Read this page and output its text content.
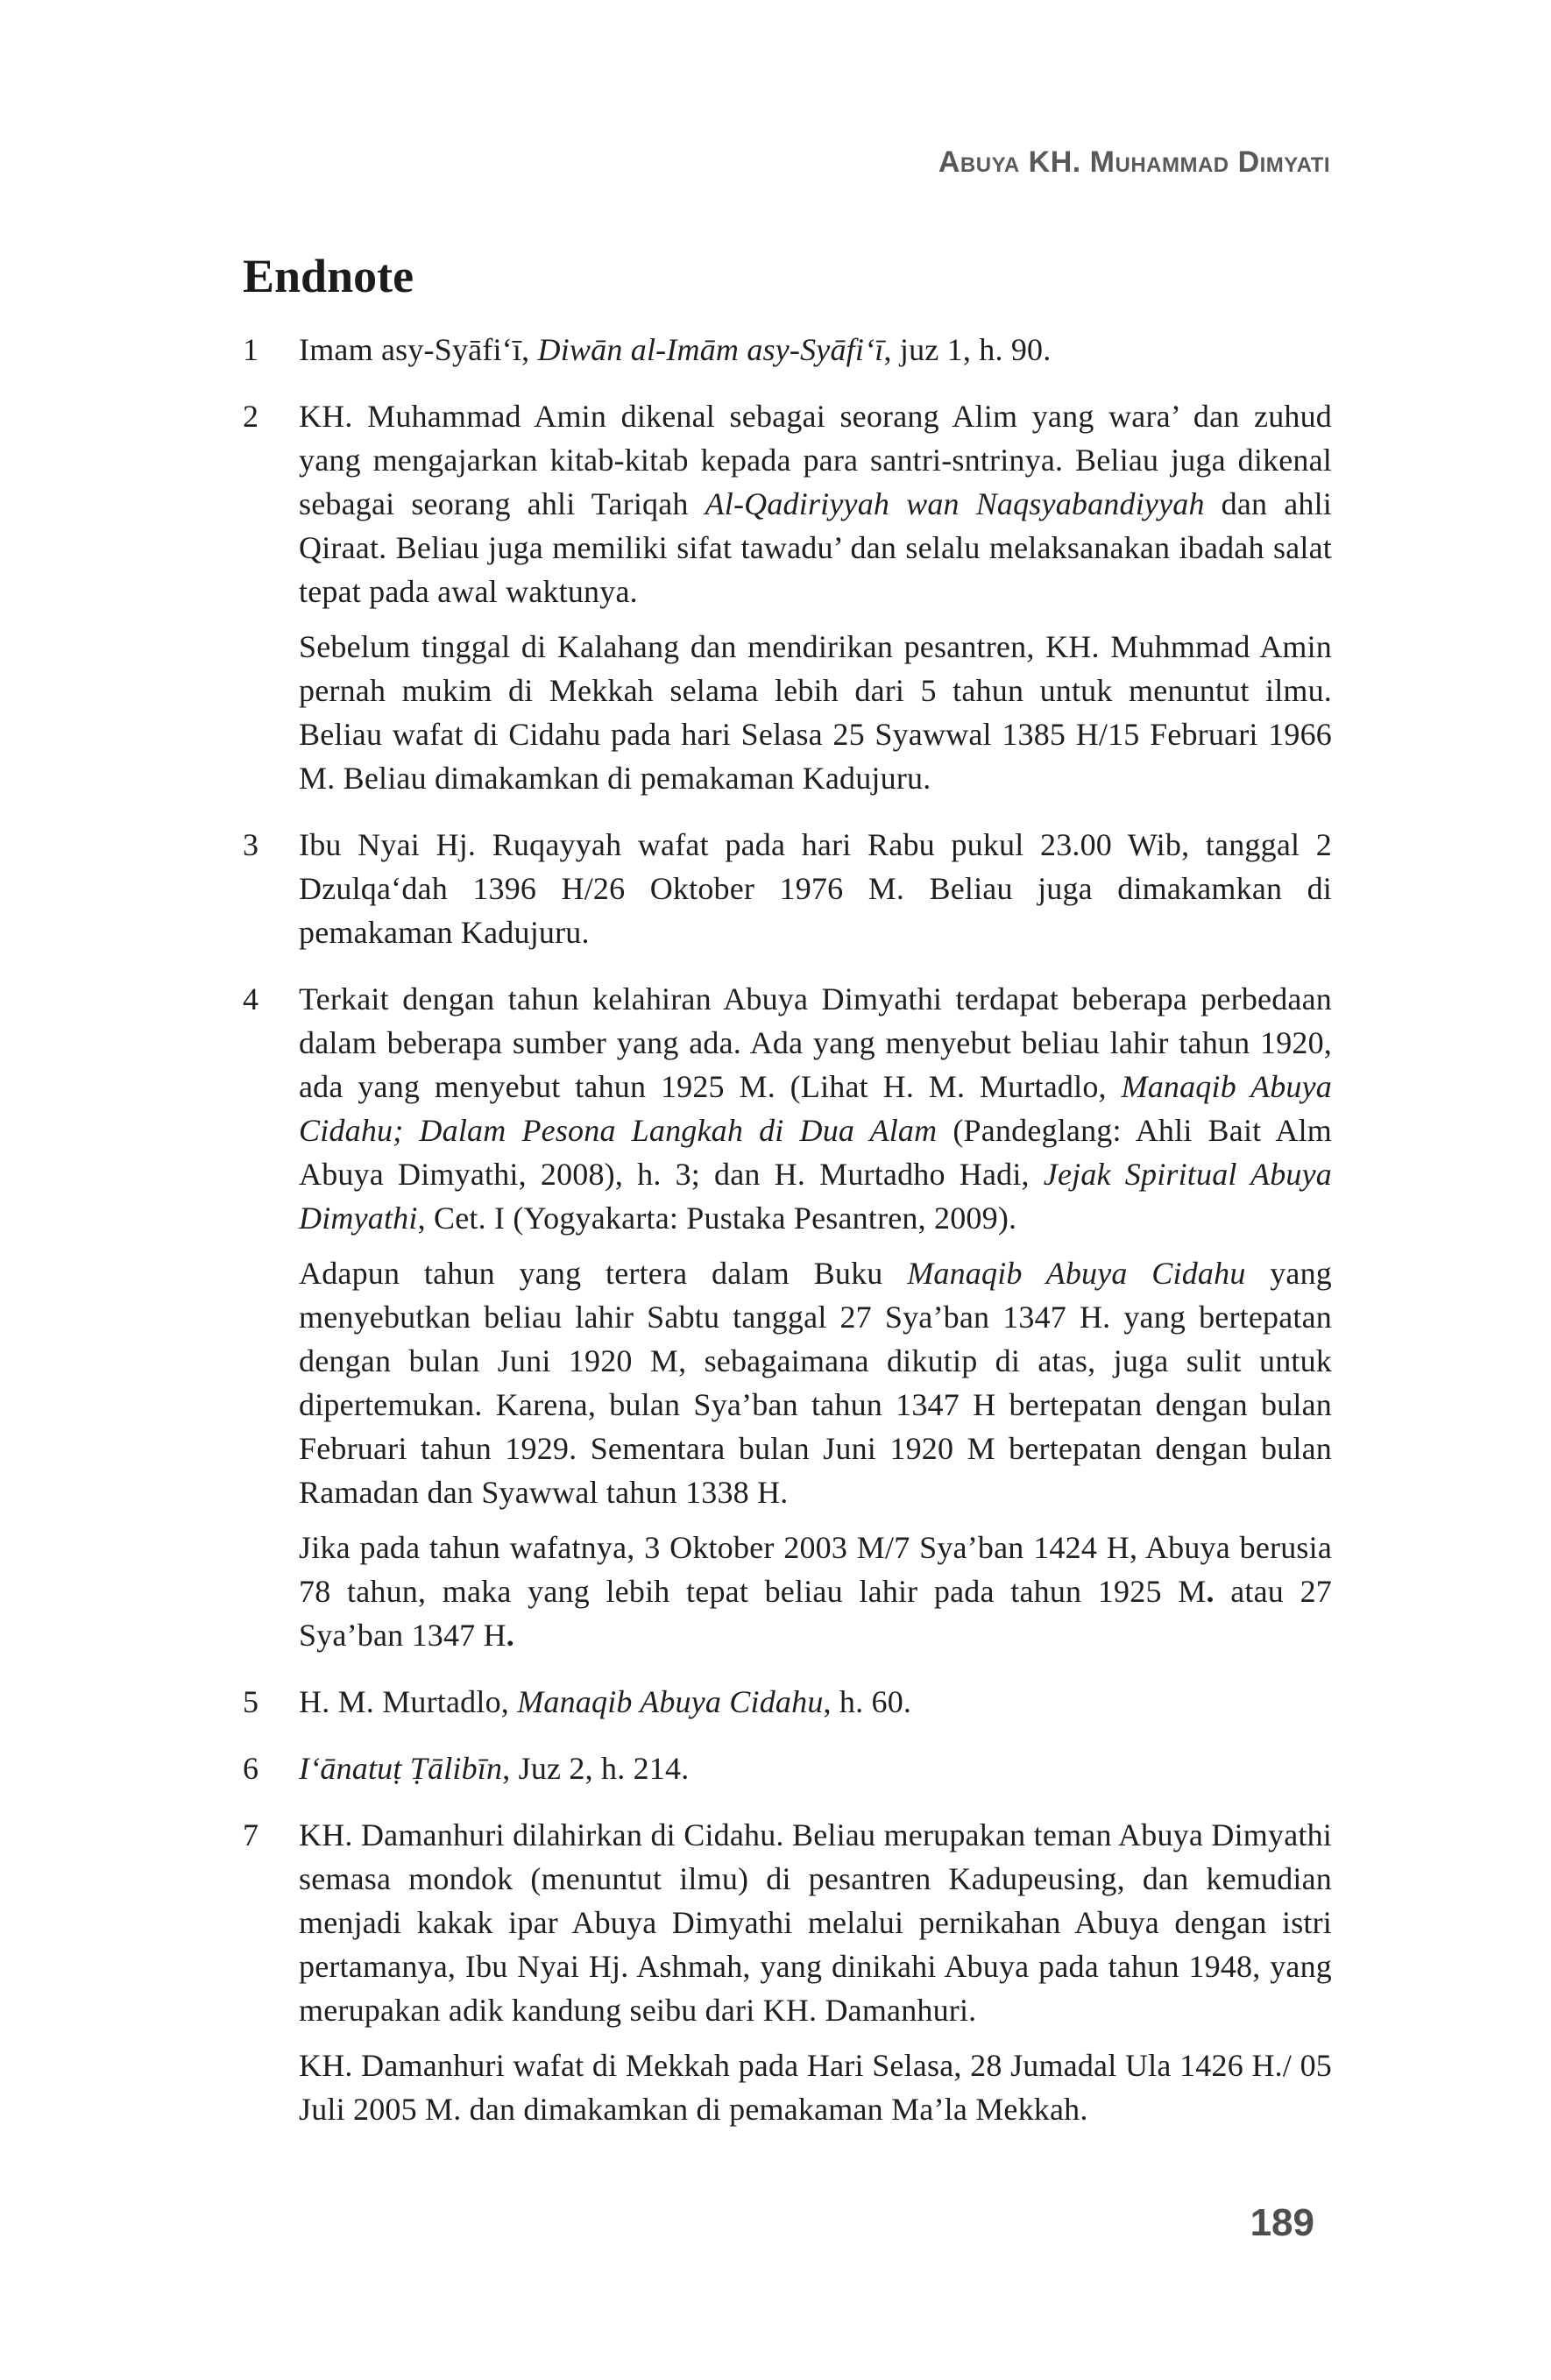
Abuya KH. Muhammad Dimyati
Endnote
1	Imam asy-Syāfiʻī, Diwān al-Imām asy-Syāfiʻī, juz 1, h. 90.

2	KH. Muhammad Amin dikenal sebagai seorang Alim yang wara’ dan zuhud yang mengajarkan kitab-kitab kepada para santri-sntrinya. Beliau juga dikenal sebagai seorang ahli Tariqah Al-Qadiriyyah wan Naqsyabandiyyah dan ahli Qiraat. Beliau juga memiliki sifat tawadu’ dan selalu melaksanakan ibadah salat tepat pada awal waktunya.

Sebelum tinggal di Kalahang dan mendirikan pesantren, KH. Muhmmad Amin pernah mukim di Mekkah selama lebih dari 5 tahun untuk menuntut ilmu. Beliau wafat di Cidahu pada hari Selasa 25 Syawwal 1385 H/15 Februari 1966 M. Beliau dimakamkan di pemakaman Kadujuru.

3	Ibu Nyai Hj. Ruqayyah wafat pada hari Rabu pukul 23.00 Wib, tanggal 2 Dzulqaʻdah 1396 H/26 Oktober 1976 M. Beliau juga dimakamkan di pemakaman Kadujuru.

4	Terkait dengan tahun kelahiran Abuya Dimyathi terdapat beberapa perbedaan dalam beberapa sumber yang ada. Ada yang menyebut beliau lahir tahun 1920, ada yang menyebut tahun 1925 M. (Lihat H. M. Murtadlo, Manaqib Abuya Cidahu; Dalam Pesona Langkah di Dua Alam (Pandeglang: Ahli Bait Alm Abuya Dimyathi, 2008), h. 3; dan H. Murtadho Hadi, Jejak Spiritual Abuya Dimyathi, Cet. I (Yogyakarta: Pustaka Pesantren, 2009).

Adapun tahun yang tertera dalam Buku Manaqib Abuya Cidahu yang menyebutkan beliau lahir Sabtu tanggal 27 Sya’ban 1347 H. yang bertepatan dengan bulan Juni 1920 M, sebagaimana dikutip di atas, juga sulit untuk dipertemukan. Karena, bulan Sya’ban tahun 1347 H bertepatan dengan bulan Februari tahun 1929. Sementara bulan Juni 1920 M bertepatan dengan bulan Ramadan dan Syawwal tahun 1338 H.

Jika pada tahun wafatnya, 3 Oktober 2003 M/7 Sya’ban 1424 H, Abuya berusia 78 tahun, maka yang lebih tepat beliau lahir pada tahun 1925 M. atau 27 Sya’ban 1347 H.

5	H. M. Murtadlo, Manaqib Abuya Cidahu, h. 60.

6	Iʻānatuṭ Ṭālibīn, Juz 2, h. 214.

7	KH. Damanhuri dilahirkan di Cidahu. Beliau merupakan teman Abuya Dimyathi semasa mondok (menuntut ilmu) di pesantren Kadupeusing, dan kemudian menjadi kakak ipar Abuya Dimyathi melalui pernikahan Abuya dengan istri pertamanya, Ibu Nyai Hj. Ashmah, yang dinikahi Abuya pada tahun 1948, yang merupakan adik kandung seibu dari KH. Damanhuri.

KH. Damanhuri wafat di Mekkah pada Hari Selasa, 28 Jumadal Ula 1426 H./ 05 Juli 2005 M. dan dimakamkan di pemakaman Ma’la Mekkah.

189
